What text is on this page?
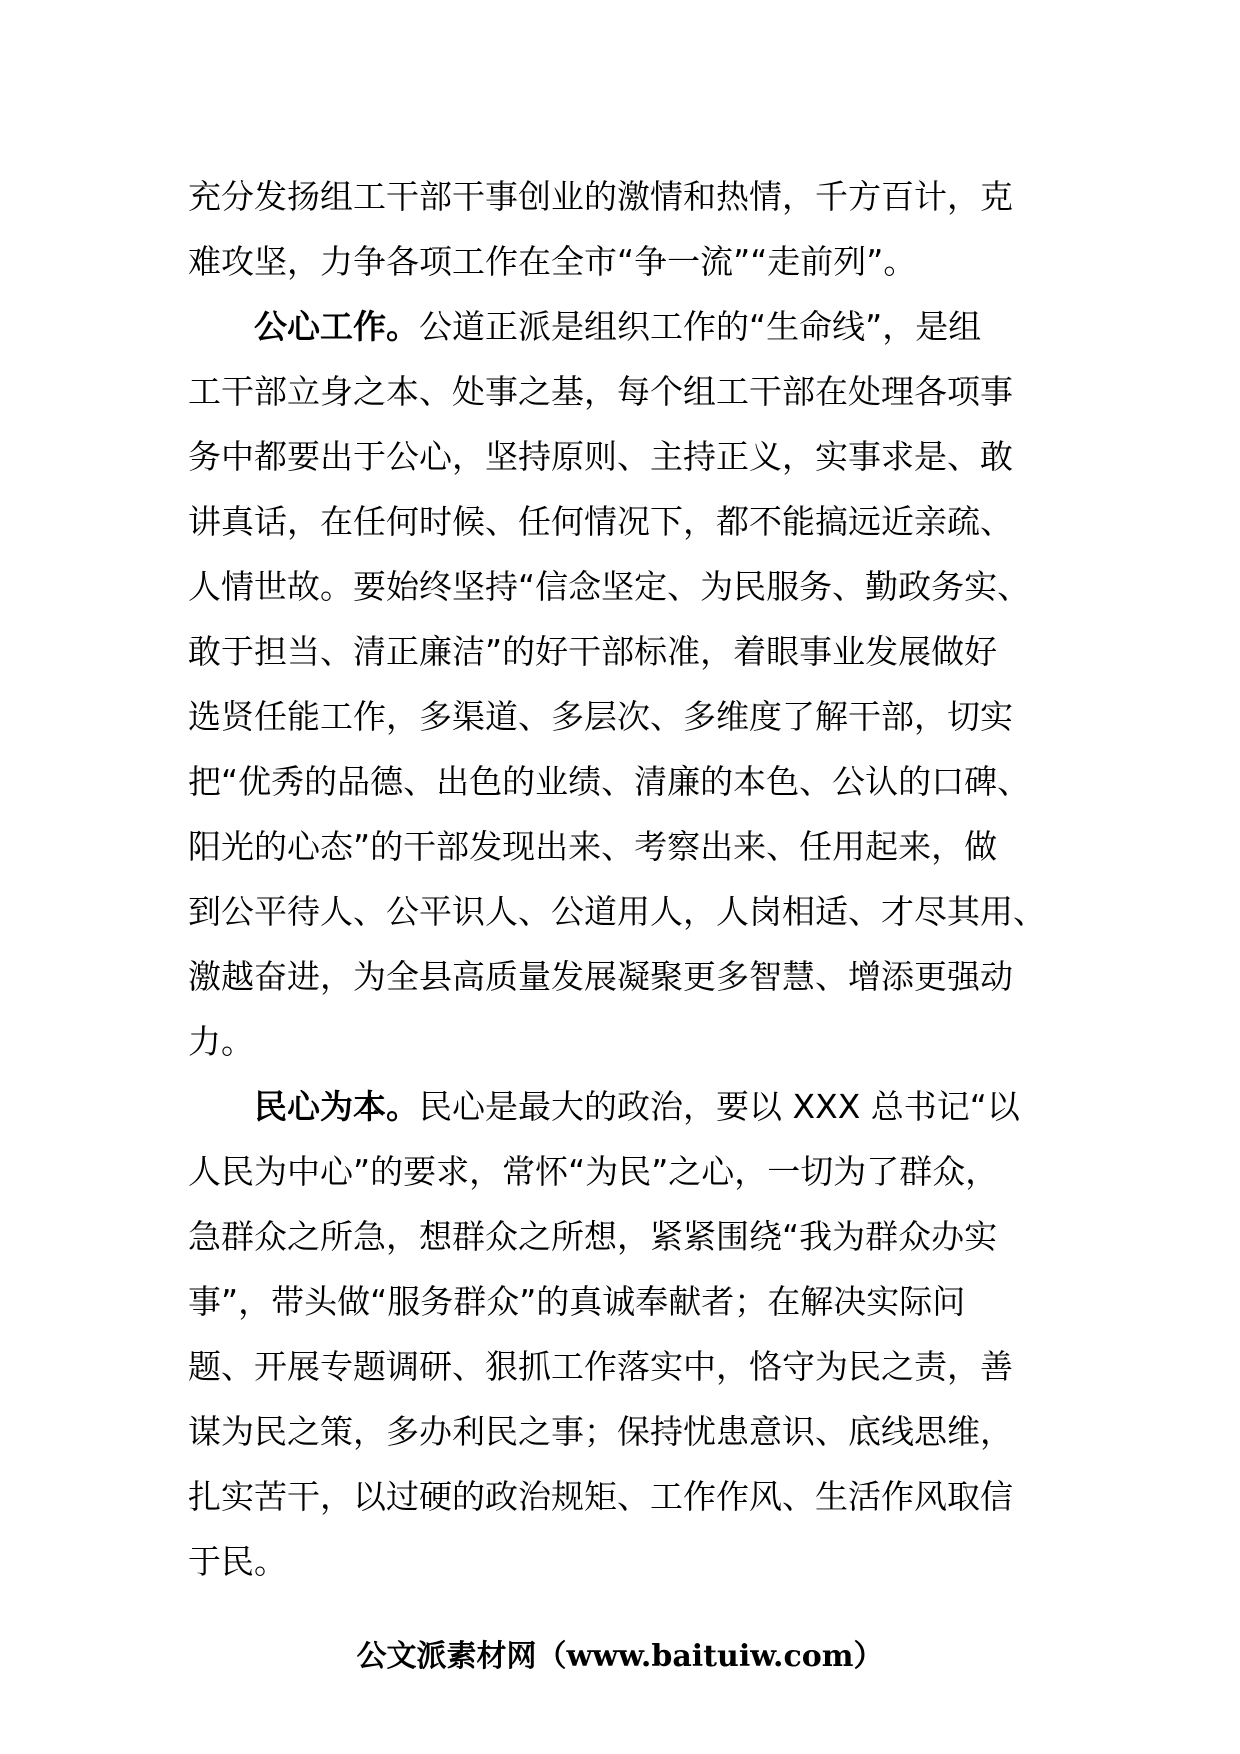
充分发扬组工干部干事创业的激情和热情，千方百计，克
难攻坚，力争各项工作在全市“争一流”“走前列”。
公心工作。公道正派是组织工作的“生命线”，是组
工干部立身之本、处事之基，每个组工干部在处理各项事
务中都要出于公心，坚持原则、主持正义，实事求是、敢
讲真话，在任何时候、任何情况下，都不能搞远近亲疏、
人情世故。要始终坚持“信念坚定、为民服务、勤政务实、
敢于担当、清正廉洁”的好干部标准，着眼事业发展做好
选贤任能工作，多渠道、多层次、多维度了解干部，切实
把“优秀的品德、出色的业绩、清廉的本色、公认的口碑、
阳光的心态”的干部发现出来、考察出来、任用起来，做
到公平待人、公平识人、公道用人，人岗相适、才尽其用、
激越奋进，为全县高质量发展凝聚更多智慧、增添更强动
力。
民心为本。民心是最大的政治，要以 XXX 总书记“以
人民为中心”的要求，常怀“为民”之心，一切为了群众，
急群众之所急，想群众之所想，紧紧围绕“我为群众办实
事”，带头做“服务群众”的真诚奉献者；在解决实际问
题、开展专题调研、狠抓工作落实中，恪守为民之责，善
谋为民之策，多办利民之事；保持忧患意识、底线思维，
扎实苦干，以过硬的政治规矩、工作作风、生活作风取信
于民。
公文派素材网（www.baituiw.com）
